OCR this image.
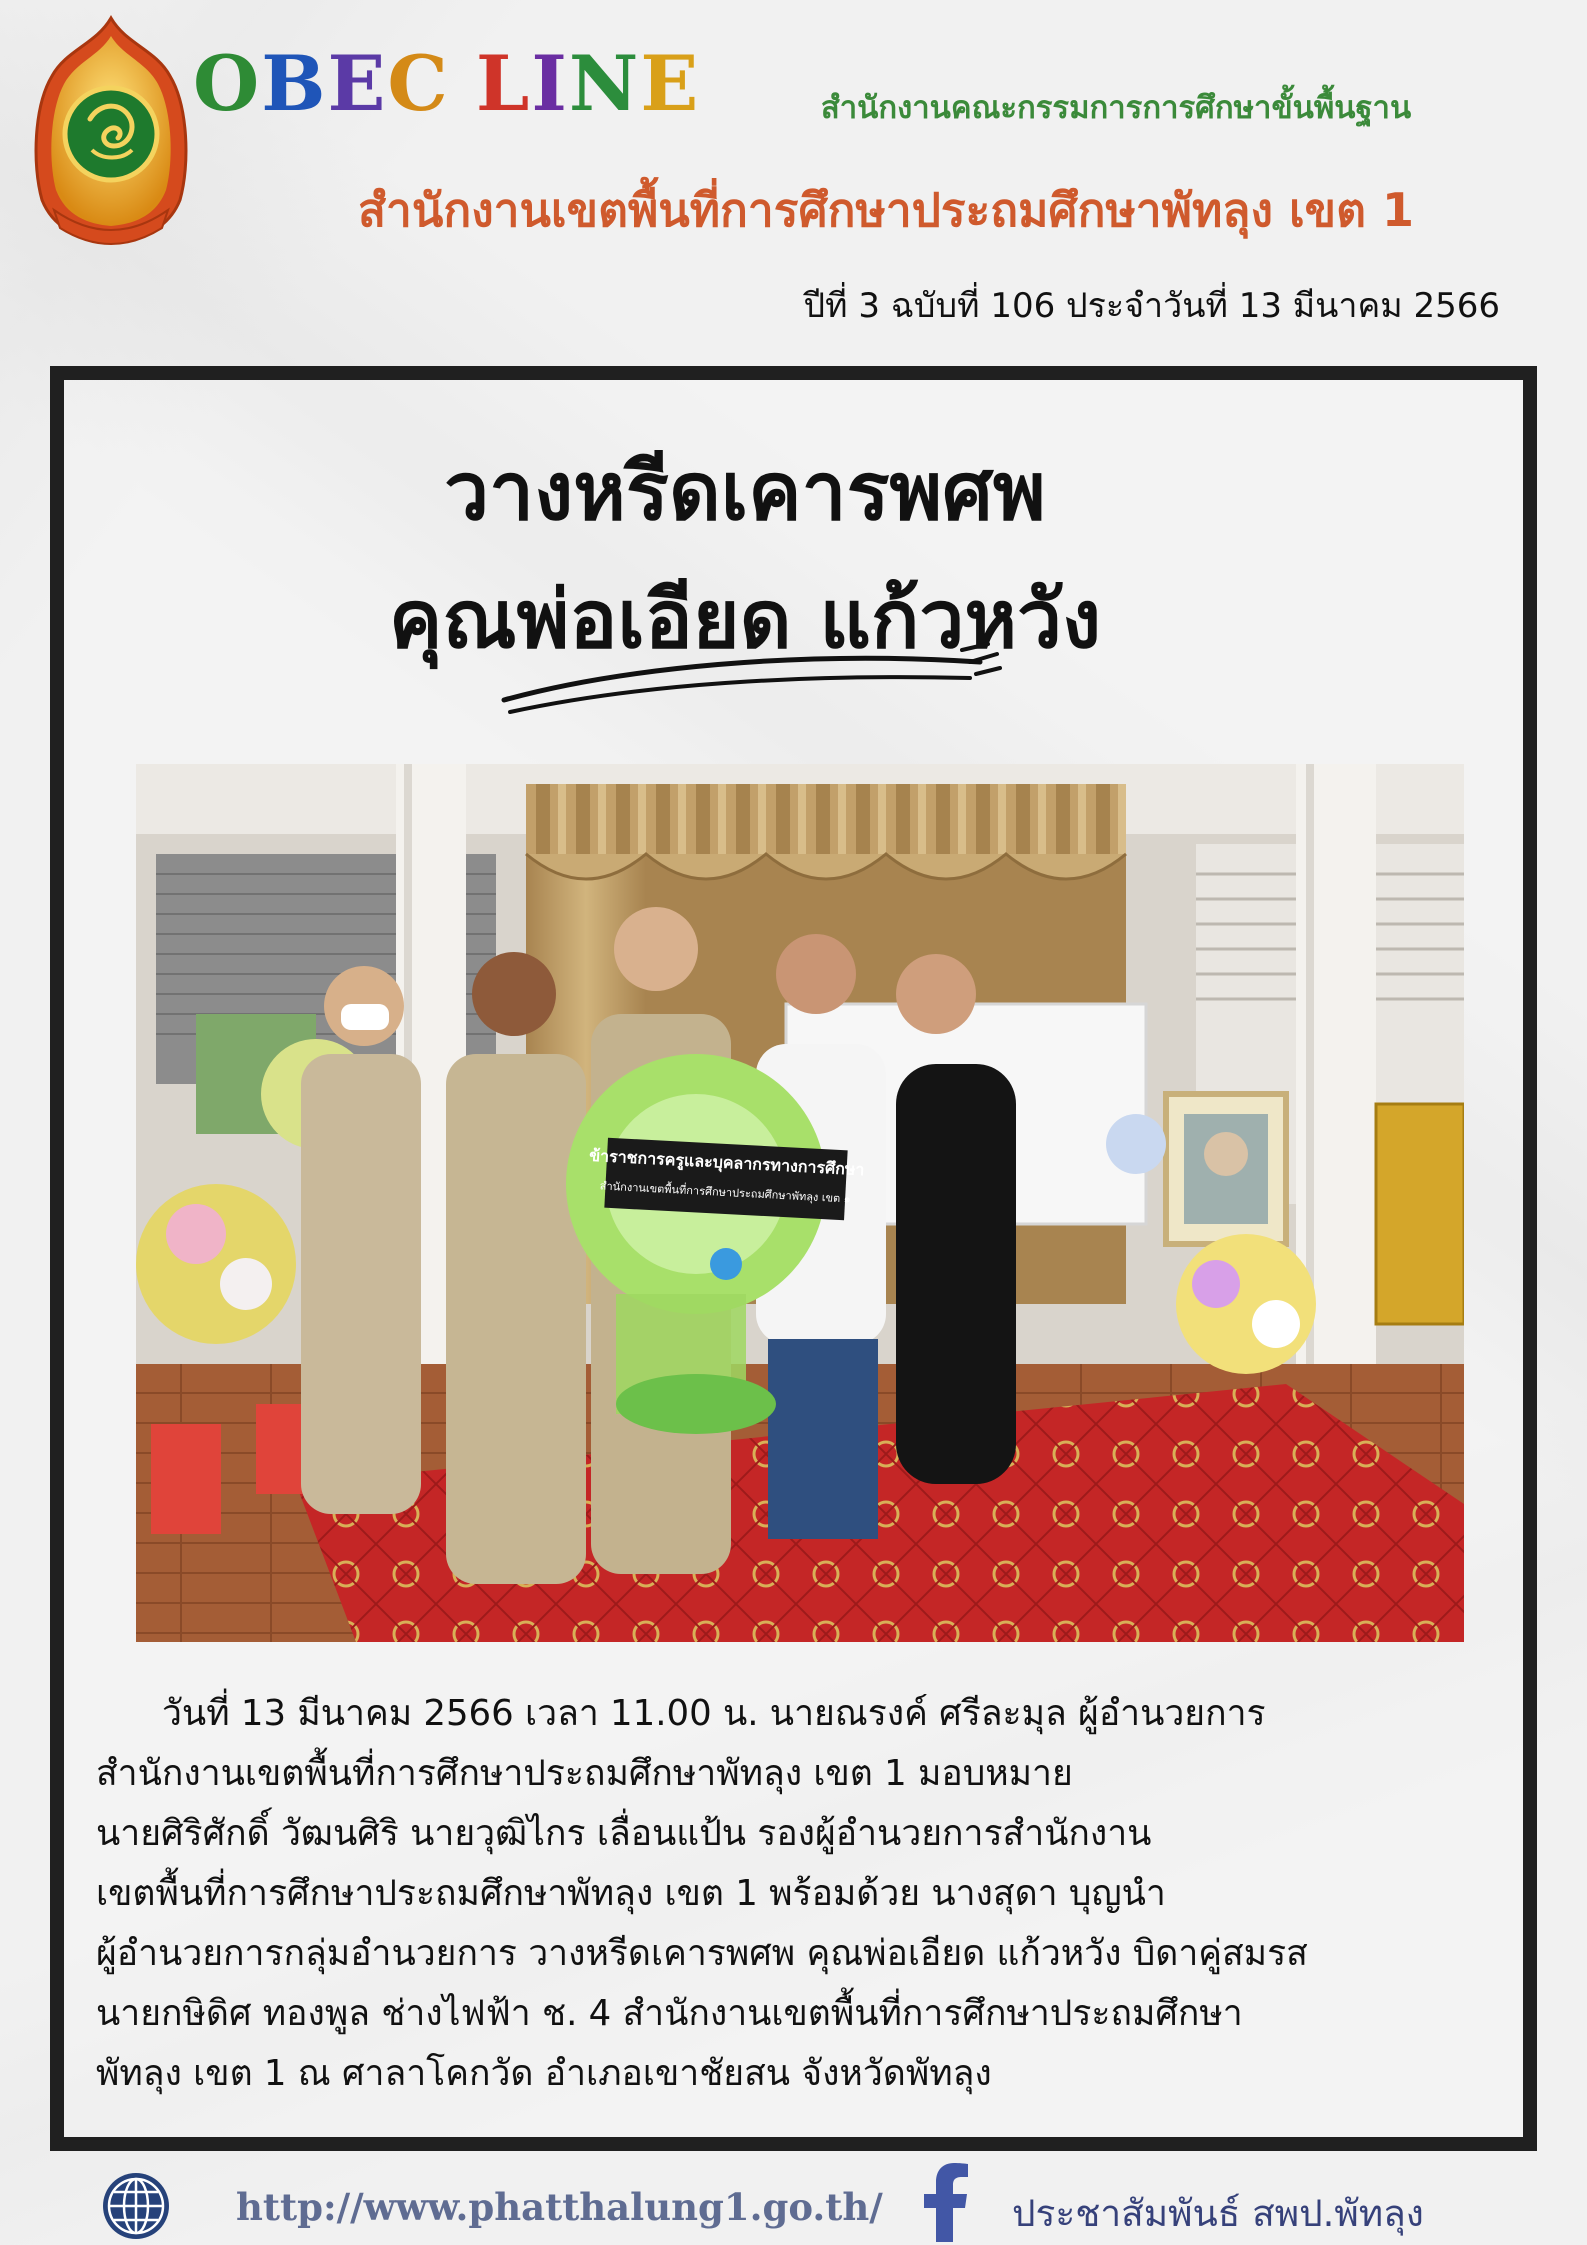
OBEC LINE	สำนักงานคณะกรรมการการศึกษาขั้นพื้นฐาน
สำนักงานเขตพื้นที่การศึกษาประถมศึกษาพัทลุง เขต 1
ปีที่ 3 ฉบับที่ 106 ประจำวันที่ 13 มีนาคม 2566
วางหรีดเคารพศพ
คุณพ่อเอียด แก้วหวัง
ข้าราชการครูและบุคลากรทางการศึกษา
สำนักงานเขตพื้นที่การศึกษาประถมศึกษาพัทลุง เขต ๑

วันที่ 13 มีนาคม 2566 เวลา 11.00 น. นายณรงค์ ศรีละมุล ผู้อำนวยการ

สำนักงานเขตพื้นที่การศึกษาประถมศึกษาพัทลุง เขต 1 มอบหมาย

นายศิริศักดิ์ วัฒนศิริ นายวุฒิไกร เลื่อนแป้น รองผู้อำนวยการสำนักงาน

เขตพื้นที่การศึกษาประถมศึกษาพัทลุง เขต 1 พร้อมด้วย นางสุดา บุญนำ

ผู้อำนวยการกลุ่มอำนวยการ วางหรีดเคารพศพ คุณพ่อเอียด แก้วหวัง บิดาคู่สมรส

นายกษิดิศ ทองพูล ช่างไฟฟ้า ช. 4 สำนักงานเขตพื้นที่การศึกษาประถมศึกษา

พัทลุง เขต 1 ณ ศาลาโคกวัด อำเภอเขาชัยสน จังหวัดพัทลุง

http://www.phatthalung1.go.th/	ประชาสัมพันธ์ สพป.พัทลุง
